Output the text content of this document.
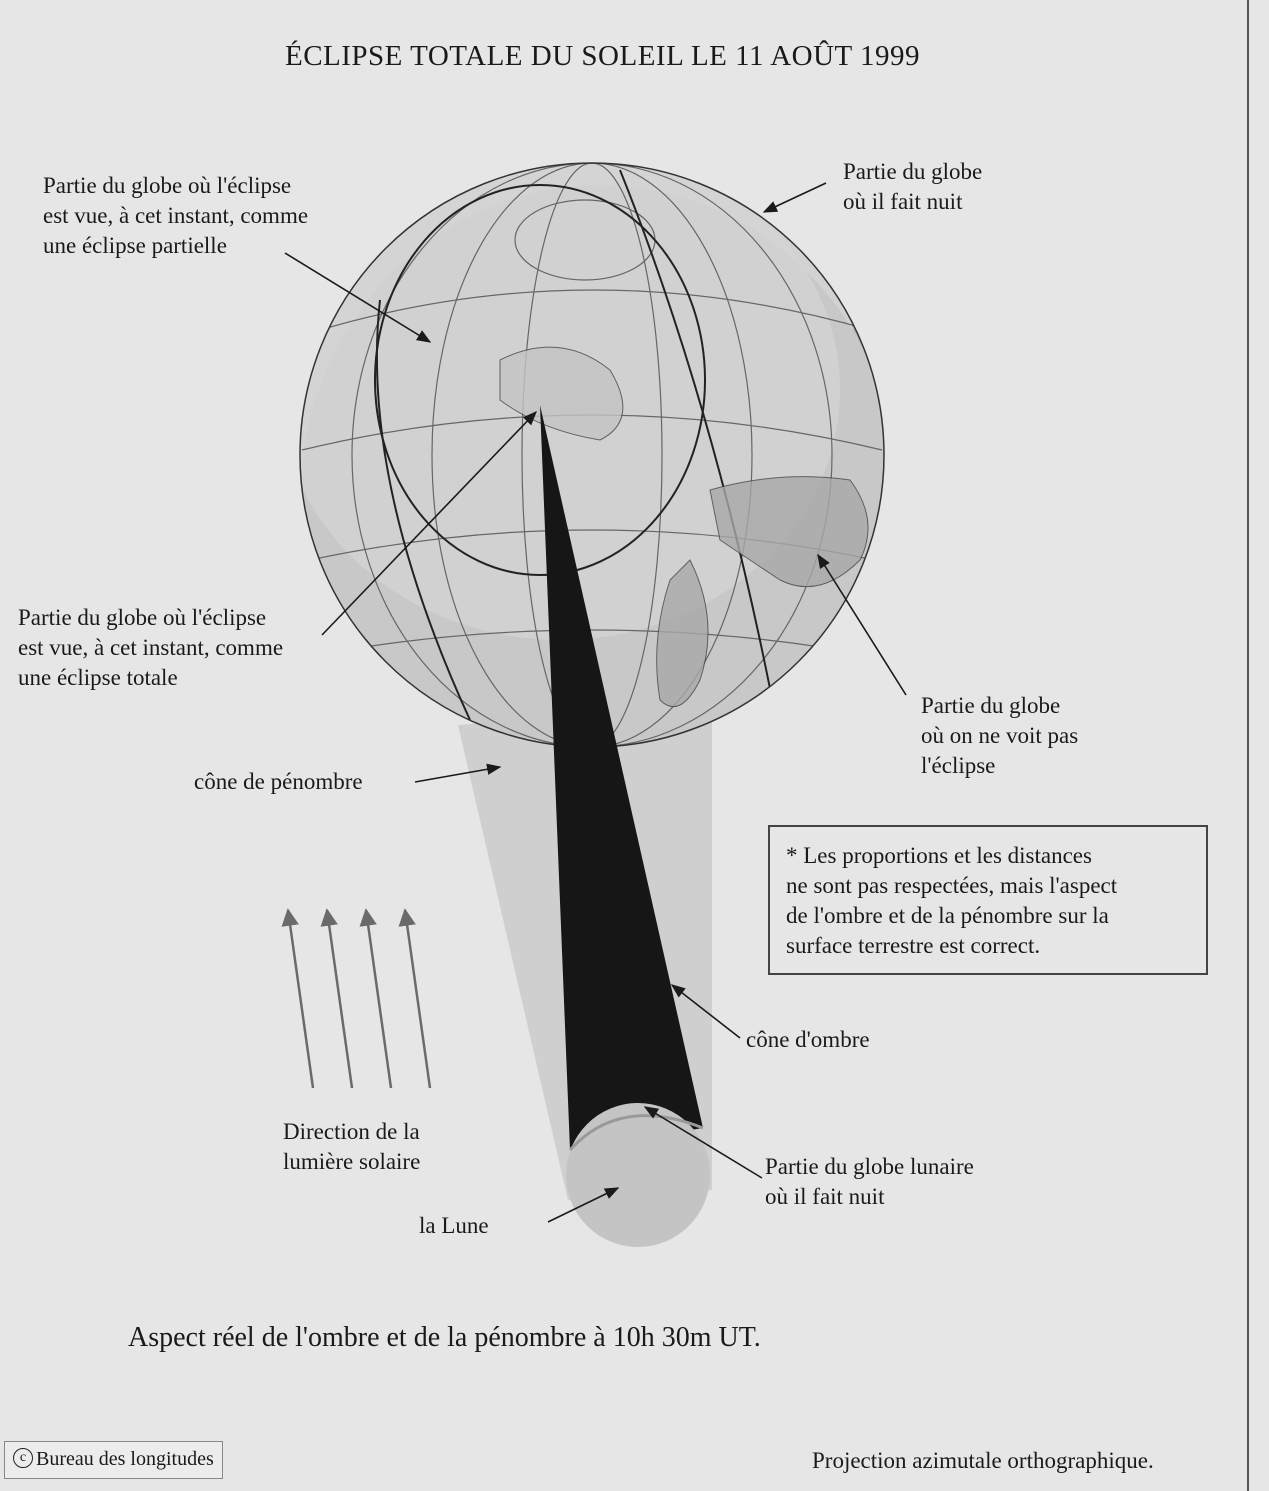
ÉCLIPSE TOTALE DU SOLEIL LE 11 AOÛT 1999
Partie du globe où l'éclipse
est vue, à cet instant, comme
une éclipse partielle
Partie du globe
où il fait nuit
Partie du globe où l'éclipse
est vue, à cet instant, comme
une éclipse totale
Partie du globe
où on ne voit pas
l'éclipse
cône de pénombre
* Les proportions et les distances
ne sont pas respectées, mais l'aspect
de l'ombre et de la pénombre sur la
surface terrestre est correct.
cône d'ombre
Direction de la
lumière solaire	Partie du globe lunaire
où il fait nuit
la Lune
Aspect réel de l'ombre et de la pénombre à 10h 30m UT.
c Bureau des longitudes	Projection azimutale orthographique.
